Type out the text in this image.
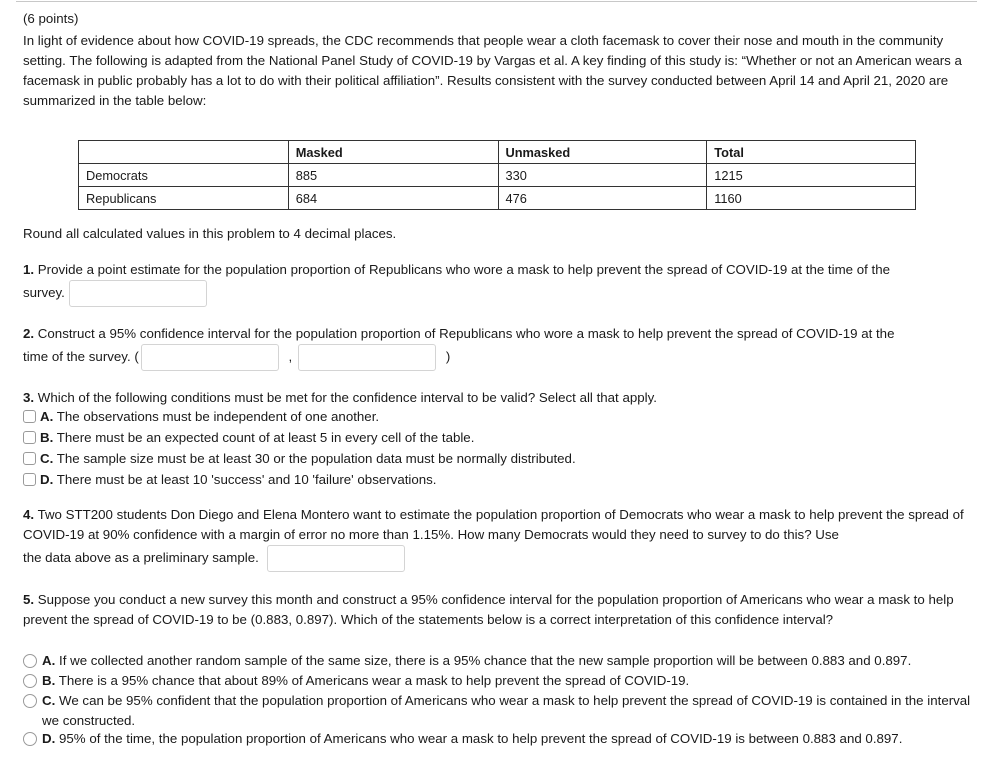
(6 points)

In light of evidence about how COVID-19 spreads, the CDC recommends that people wear a cloth facemask to cover their nose and mouth in the community setting. The following is adapted from the National Panel Study of COVID-19 by Vargas et al. A key finding of this study is: “Whether or not an American wears a facemask in public probably has a lot to do with their political affiliation”. Results consistent with the survey conducted between April 14 and April 21, 2020 are summarized in the table below:

	Masked	Unmasked	Total
Democrats	885	330	1215
Republicans	684	476	1160
Round all calculated values in this problem to 4 decimal places.
1. Provide a point estimate for the population proportion of Republicans who wore a mask to help prevent the spread of COVID-19 at the time of the
survey.
2. Construct a 95% confidence interval for the population proportion of Republicans who wore a mask to help prevent the spread of COVID-19 at the
time of the survey. (	,	)
3. Which of the following conditions must be met for the confidence interval to be valid? Select all that apply.
A. The observations must be independent of one another.
B. There must be an expected count of at least 5 in every cell of the table.
C. The sample size must be at least 30 or the population data must be normally distributed.
D. There must be at least 10 'success' and 10 'failure' observations.
4. Two STT200 students Don Diego and Elena Montero want to estimate the population proportion of Democrats who wear a mask to help prevent the spread of COVID-19 at 90% confidence with a margin of error no more than 1.15%. How many Democrats would they need to survey to do this? Use
the data above as a preliminary sample.
5. Suppose you conduct a new survey this month and construct a 95% confidence interval for the population proportion of Americans who wear a mask to help prevent the spread of COVID-19 to be (0.883, 0.897). Which of the statements below is a correct interpretation of this confidence interval?
A. If we collected another random sample of the same size, there is a 95% chance that the new sample proportion will be between 0.883 and 0.897.
B. There is a 95% chance that about 89% of Americans wear a mask to help prevent the spread of COVID-19.
C. We can be 95% confident that the population proportion of Americans who wear a mask to help prevent the spread of COVID-19 is contained in the interval we constructed.
D. 95% of the time, the population proportion of Americans who wear a mask to help prevent the spread of COVID-19 is between 0.883 and 0.897.
